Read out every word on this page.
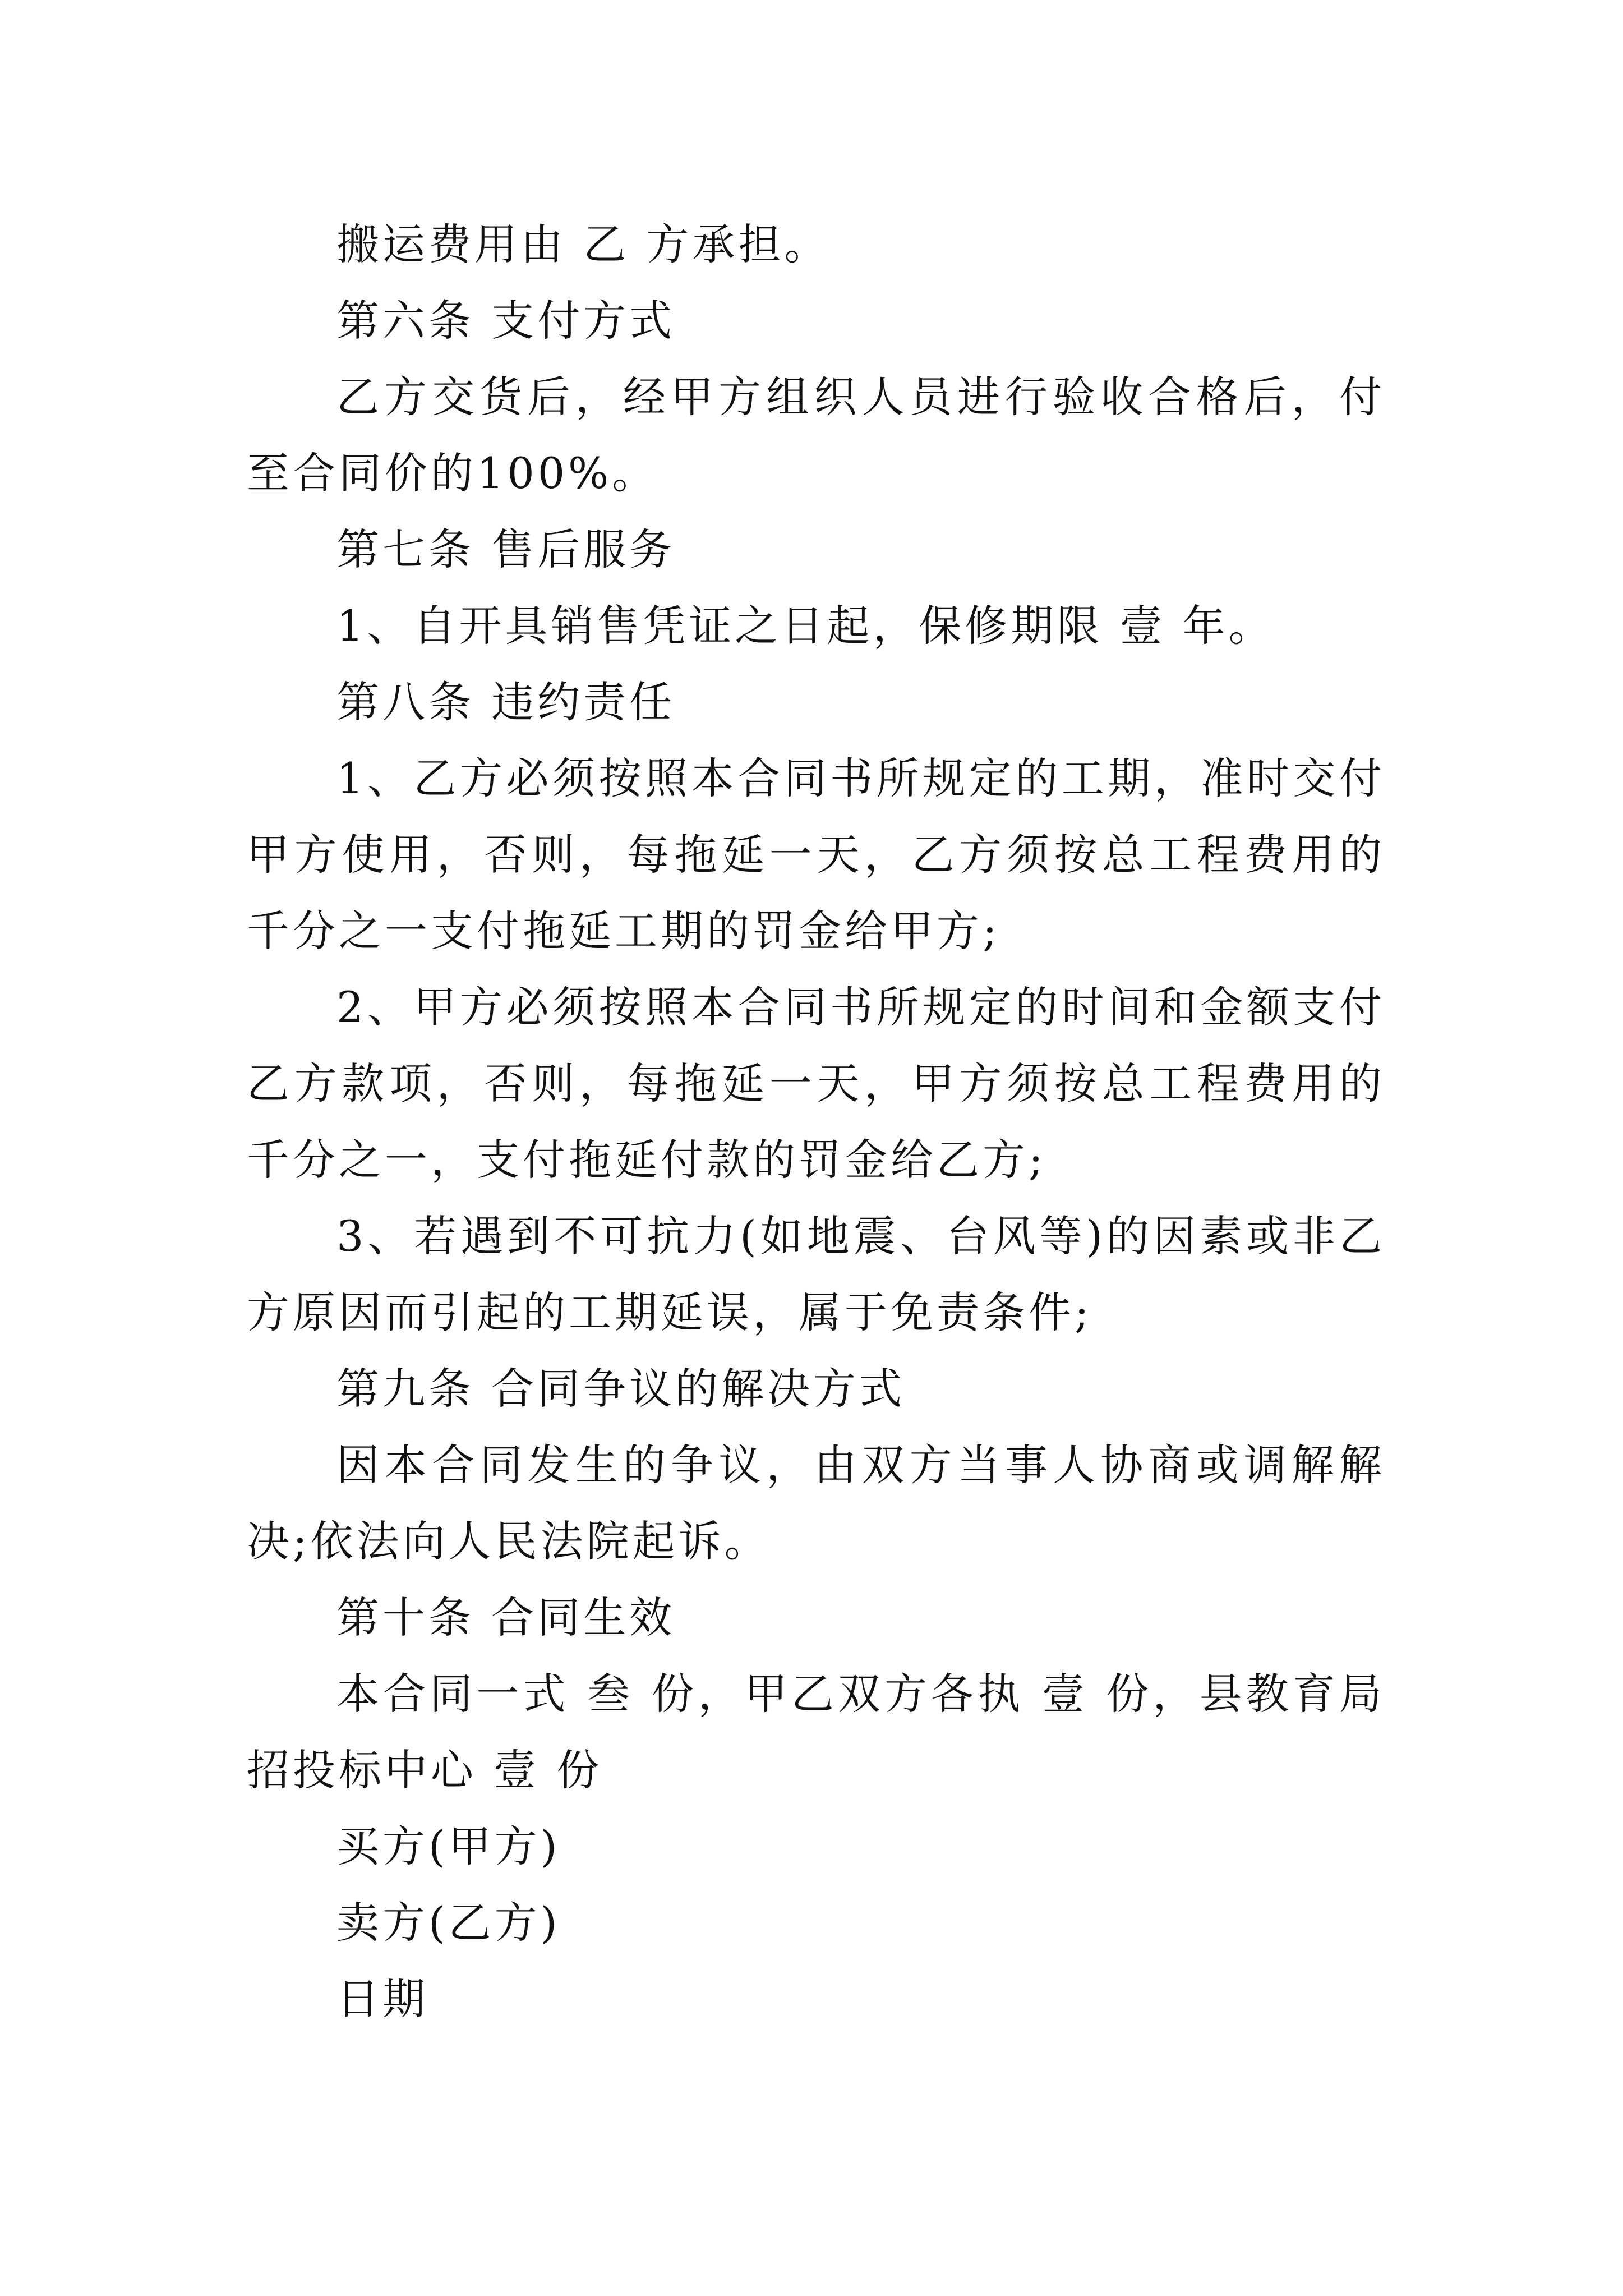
搬运费用由 乙 方承担。

第六条 支付方式

乙方交货后，经甲方组织人员进行验收合格后，付至合同价的100%。

第七条 售后服务

1、自开具销售凭证之日起，保修期限 壹 年。

第八条 违约责任

1、乙方必须按照本合同书所规定的工期，准时交付甲方使用，否则，每拖延一天，乙方须按总工程费用的千分之一支付拖延工期的罚金给甲方;

2、甲方必须按照本合同书所规定的时间和金额支付乙方款项，否则，每拖延一天，甲方须按总工程费用的千分之一，支付拖延付款的罚金给乙方;

3、若遇到不可抗力(如地震、台风等)的因素或非乙方原因而引起的工期延误，属于免责条件;

第九条 合同争议的解决方式

因本合同发生的争议，由双方当事人协商或调解解决;依法向人民法院起诉。

第十条 合同生效

本合同一式 叁 份，甲乙双方各执 壹 份，县教育局招投标中心 壹 份

买方(甲方)

卖方(乙方)

日期
